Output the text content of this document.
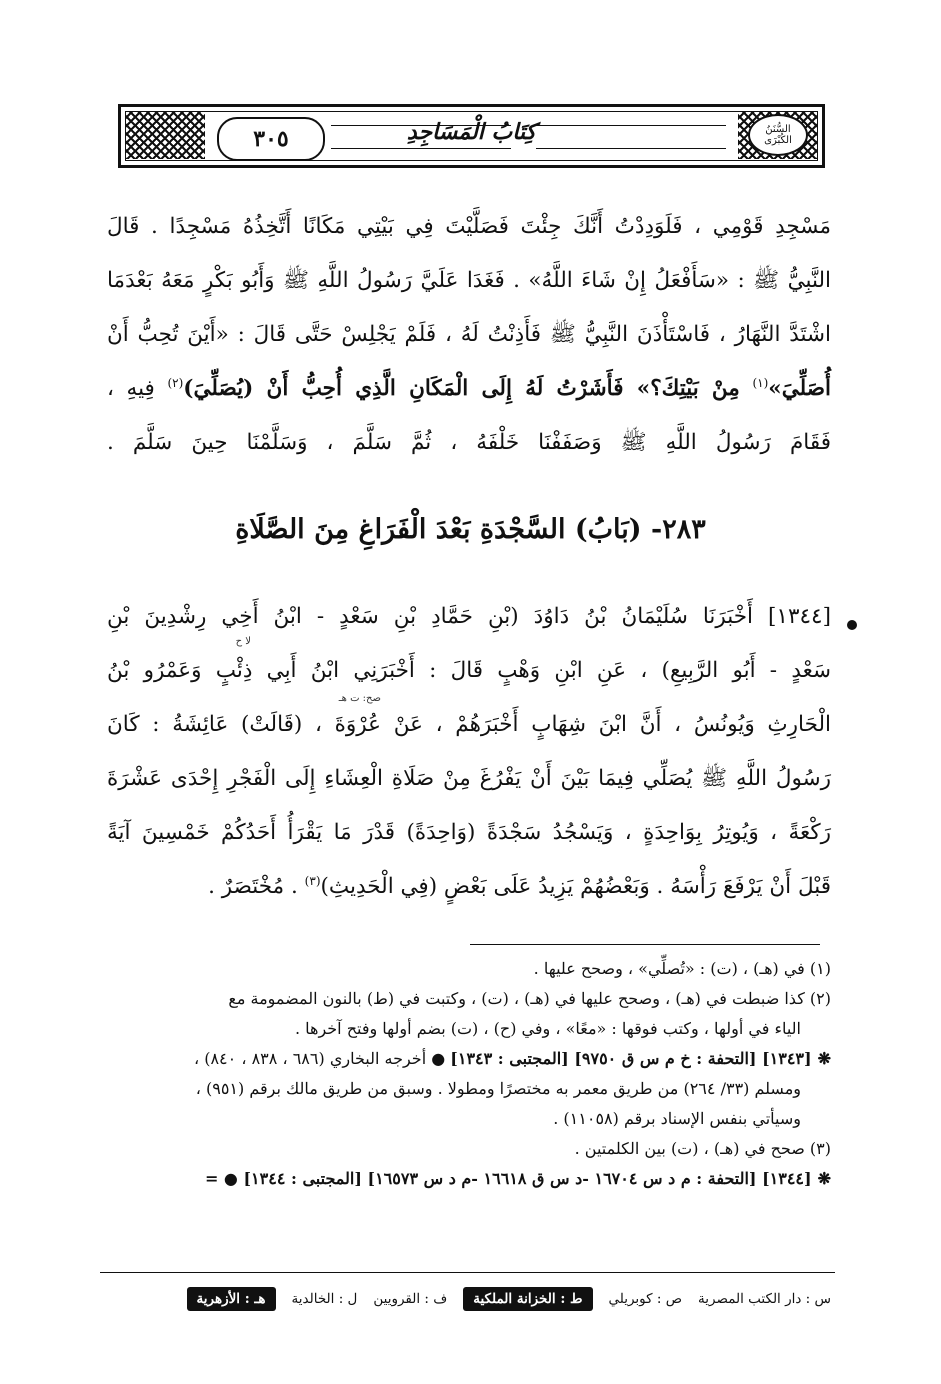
السُّنَنُ الكُبْرَى
كِتَابُ الْمَسَاجِدِ
٣٠٥
مَسْجِدِ قَوْمِي ، فَلَوَدِدْتُ أَنَّكَ جِئْتَ فَصَلَّيْتَ فِي بَيْتِي مَكَانًا أَتَّخِذُهُ مَسْجِدًا . قَالَ
النَّبِيُّ ﷺ : «سَأَفْعَلُ إِنْ شَاءَ اللَّهُ» . فَغَدَا عَلَيَّ رَسُولُ اللَّهِ ﷺ وَأَبُو بَكْرٍ مَعَهُ بَعْدَمَا
اشْتَدَّ النَّهَارُ ، فَاسْتَأْذَنَ النَّبِيُّ ﷺ فَأَذِنْتُ لَهُ ، فَلَمْ يَجْلِسْ حَتَّى قَالَ : «أَيْنَ تُحِبُّ أَنْ
أُصَلِّيَ»$^{(١)}$ مِنْ بَيْتِكَ؟» فَأَشَرْتُ لَهُ إِلَى الْمَكَانِ الَّذِي أُحِبُّ أَنْ (يُصَلِّيَ)$^{(٢)}$ فِيهِ ،
فَقَامَ رَسُولُ اللَّهِ ﷺ وَصَفَفْنَا خَلْفَهُ ، ثُمَّ سَلَّمَ ، وَسَلَّمْنَا حِينَ سَلَّمَ .
٢٨٣- (بَابُ) السَّجْدَةِ بَعْدَ الْفَرَاغِ مِنَ الصَّلَاةِ
[١٣٤٤] أَخْبَرَنَا سُلَيْمَانُ بْنُ دَاوُدَ (بْنِ حَمَّادِ بْنِ سَعْدٍ - ابْنُ أَخِي رِشْدِينَ بْنِ
سَعْدٍ - أَبُو الرَّبِيعِ) ، عَنِ ابْنِ وَهْبٍ قَالَ : أَخْبَرَنِي ابْنُ أَبِي ذِئْبٍ وَعَمْرُو بْنُ
الْحَارِثِ وَيُونُسُ ، أَنَّ ابْنَ شِهَابٍ أَخْبَرَهُمْ ، عَنْ عُرْوَةَ ، (قَالَتْ) عَائِشَةُ : كَانَ
رَسُولُ اللَّهِ ﷺ يُصَلِّي فِيمَا بَيْنَ أَنْ يَفْرُغَ مِنْ صَلَاةِ الْعِشَاءِ إِلَى الْفَجْرِ إِحْدَى عَشْرَةَ
رَكْعَةً ، وَيُوتِرُ بِوَاحِدَةٍ ، وَيَسْجُدُ سَجْدَةً (وَاحِدَةً) قَدْرَ مَا يَقْرَأُ أَحَدُكُمْ خَمْسِينَ آيَةً
قَبْلَ أَنْ يَرْفَعَ رَأْسَهُ . وَبَعْضُهُمْ يَزِيدُ عَلَى بَعْضٍ (فِي الْحَدِيثِ)$^{(٣)}$ . مُخْتَصَرٌ .
لا ح
صح: ت هـ
(١) في (هـ) ، (ت) : «تُصلِّي» ، وصحح عليها .
(٢) كذا ضبطت في (هـ) ، وصحح عليها في (هـ) ، (ت) ، وكتبت في (ط) بالنون المضمومة مع
الياء في أولها ، وكتب فوقها : «معًا» ، وفي (ح) ، (ت) بضم أولها وفتح آخرها .
❋[١٣٤٣] [التحفة : خ م س ق ٩٧٥٠] [المجتبى : ١٣٤٣] ● أخرجه البخاري (٦٨٦ ، ٨٣٨ ، ٨٤٠) ،
ومسلم (٣٣/ ٢٦٤) من طريق معمر به مختصرًا ومطولا . وسبق من طريق مالك برقم (٩٥١) ،
وسيأتي بنفس الإسناد برقم (١١٠٥٨) .
(٣) صحح في (هـ) ، (ت) بين الكلمتين .
❋[١٣٤٤] [التحفة : م د س ١٦٧٠٤ -د س ق ١٦٦١٨ -م د س ١٦٥٧٣] [المجتبى : ١٣٤٤] ● =
س : دار الكتب المصرية
ص : كوبريلي
ط : الخزانة الملكية
ف : القرويين
ل : الخالدية
هـ : الأزهرية
